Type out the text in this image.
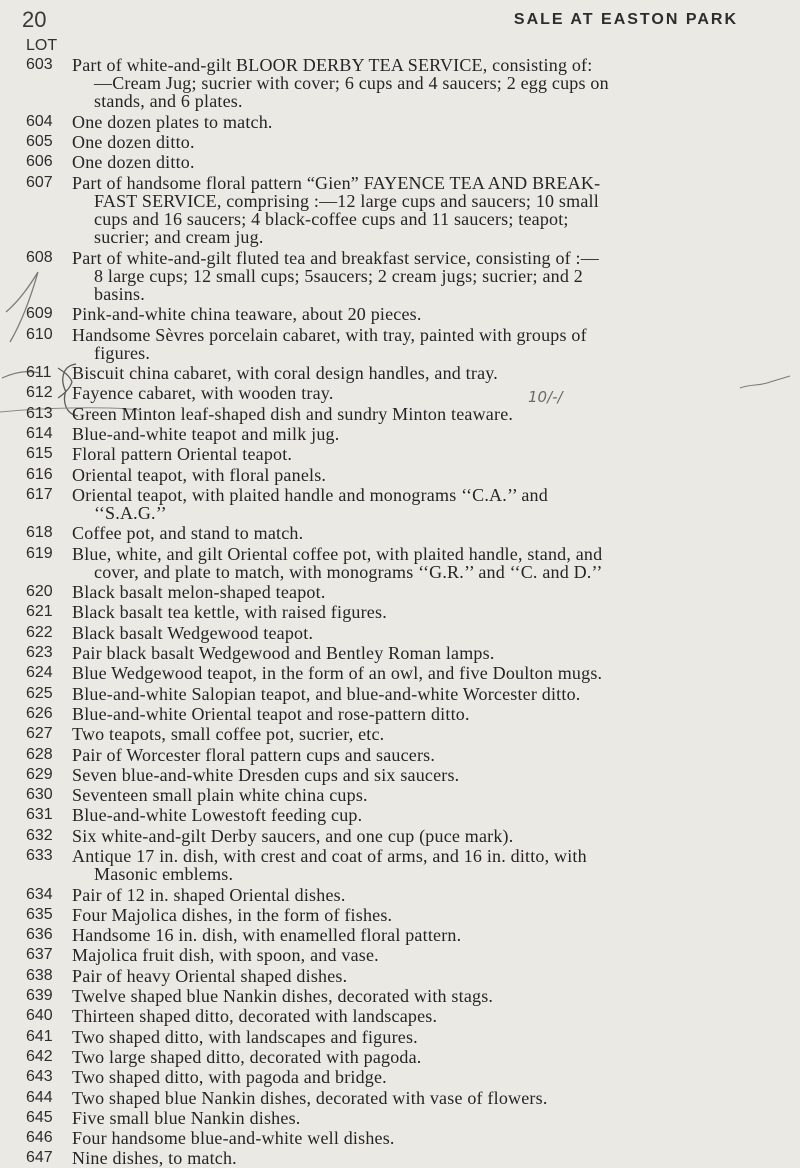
20	SALE AT EASTON PARK
LOT
603 Part of white-and-gilt BLOOR DERBY TEA SERVICE, consisting of:
—Cream Jug; sucrier with cover; 6 cups and 4 saucers; 2 egg cups on
stands, and 6 plates.
604 One dozen plates to match.
605 One dozen ditto.
606 One dozen ditto.
607 Part of handsome floral pattern “Gien” FAYENCE TEA AND BREAK-
FAST SERVICE, comprising :—12 large cups and saucers; 10 small
cups and 16 saucers; 4 black-coffee cups and 11 saucers; teapot;
sucrier; and cream jug.
608 Part of white-and-gilt fluted tea and breakfast service, consisting of :—
8 large cups; 12 small cups; 5saucers; 2 cream jugs; sucrier; and 2
basins.
609 Pink-and-white china teaware, about 20 pieces.
610 Handsome Sèvres porcelain cabaret, with tray, painted with groups of
figures.
611 Biscuit china cabaret, with coral design handles, and tray.
612 Fayence cabaret, with wooden tray.
613 Green Minton leaf-shaped dish and sundry Minton teaware.
614 Blue-and-white teapot and milk jug.
615 Floral pattern Oriental teapot.
616 Oriental teapot, with floral panels.
617 Oriental teapot, with plaited handle and monograms ‘‘C.A.’’ and
‘‘S.A.G.’’
618 Coffee pot, and stand to match.
619 Blue, white, and gilt Oriental coffee pot, with plaited handle, stand, and
cover, and plate to match, with monograms ‘‘G.R.’’ and ‘‘C. and D.’’
620 Black basalt melon-shaped teapot.
621 Black basalt tea kettle, with raised figures.
622 Black basalt Wedgewood teapot.
623 Pair black basalt Wedgewood and Bentley Roman lamps.
624 Blue Wedgewood teapot, in the form of an owl, and five Doulton mugs.
625 Blue-and-white Salopian teapot, and blue-and-white Worcester ditto.
626 Blue-and-white Oriental teapot and rose-pattern ditto.
627 Two teapots, small coffee pot, sucrier, etc.
628 Pair of Worcester floral pattern cups and saucers.
629 Seven blue-and-white Dresden cups and six saucers.
630 Seventeen small plain white china cups.
631 Blue-and-white Lowestoft feeding cup.
632 Six white-and-gilt Derby saucers, and one cup (puce mark).
633 Antique 17 in. dish, with crest and coat of arms, and 16 in. ditto, with
Masonic emblems.
634 Pair of 12 in. shaped Oriental dishes.
635 Four Majolica dishes, in the form of fishes.
636 Handsome 16 in. dish, with enamelled floral pattern.
637 Majolica fruit dish, with spoon, and vase.
638 Pair of heavy Oriental shaped dishes.
639 Twelve shaped blue Nankin dishes, decorated with stags.
640 Thirteen shaped ditto, decorated with landscapes.
641 Two shaped ditto, with landscapes and figures.
642 Two large shaped ditto, decorated with pagoda.
643 Two shaped ditto, with pagoda and bridge.
644 Two shaped blue Nankin dishes, decorated with vase of flowers.
645 Five small blue Nankin dishes.
646 Four handsome blue-and-white well dishes.
647 Nine dishes, to match.
10/-/
